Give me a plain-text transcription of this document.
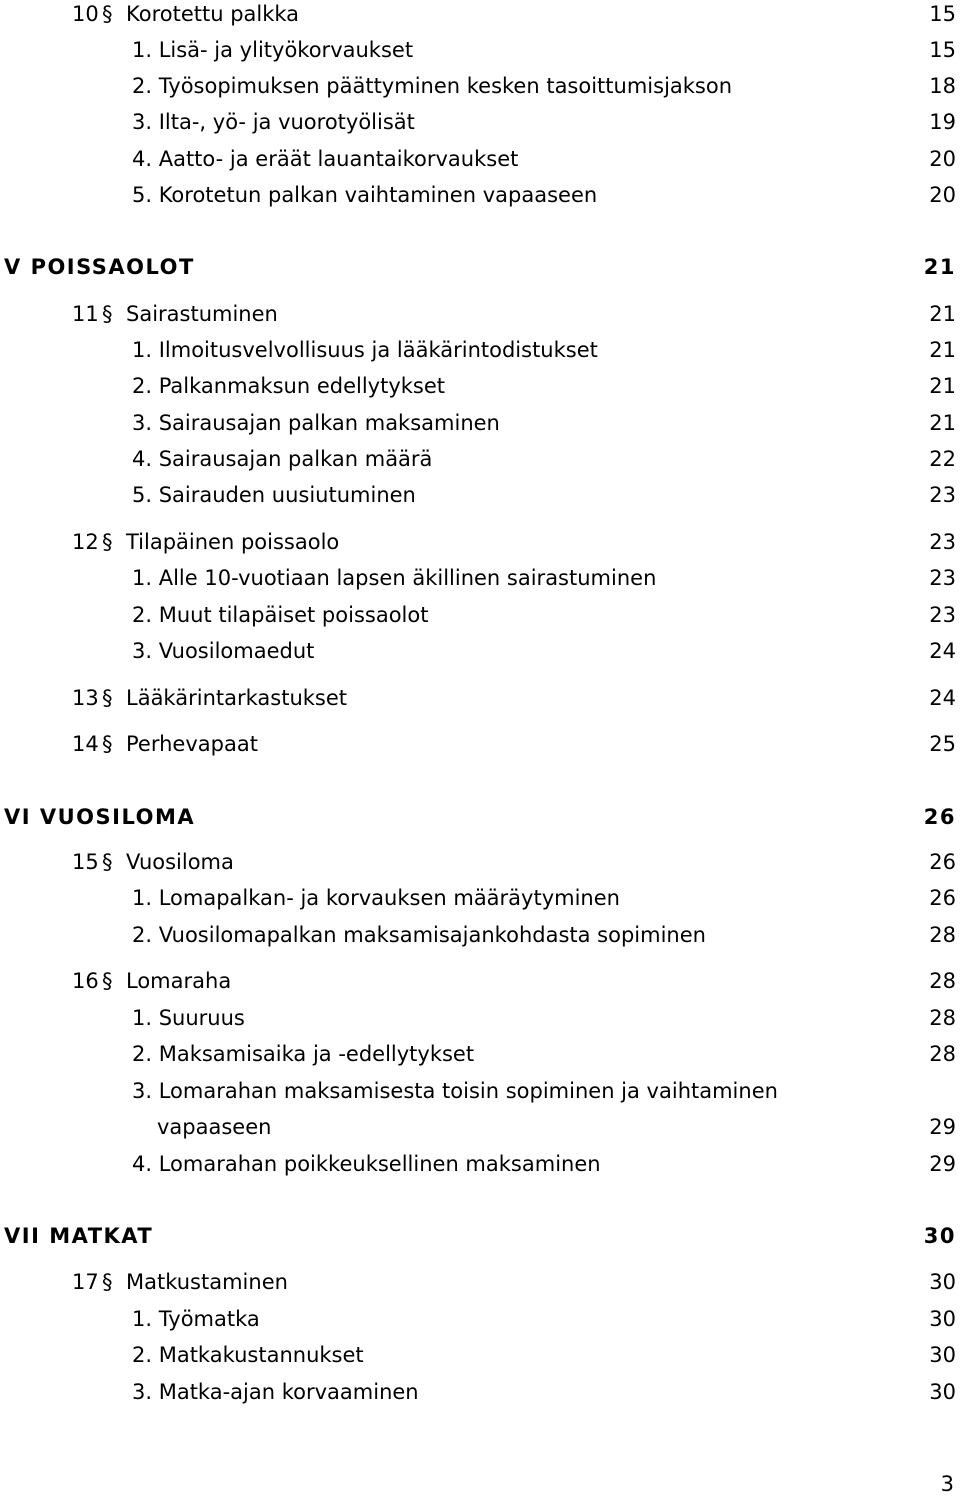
10 § Korotettu palkka	15
1. Lisä- ja ylityökorvaukset	15
2. Työsopimuksen päättyminen kesken tasoittumisjakson	18
3. Ilta-, yö- ja vuorotyölisät	19
4. Aatto- ja eräät lauantaikorvaukset	20
5. Korotetun palkan vaihtaminen vapaaseen	20
V POISSAOLOT	21
11 § Sairastuminen	21
1. Ilmoitusvelvollisuus ja lääkärintodistukset	21
2. Palkanmaksun edellytykset	21
3. Sairausajan palkan maksaminen	21
4. Sairausajan palkan määrä	22
5. Sairauden uusiutuminen	23
12 § Tilapäinen poissaolo	23
1. Alle 10-vuotiaan lapsen äkillinen sairastuminen	23
2. Muut tilapäiset poissaolot	23
3. Vuosilomaedut	24
13 § Lääkärintarkastukset	24
14 § Perhevapaat	25
VI VUOSILOMA	26
15 § Vuosiloma	26
1. Lomapalkan- ja korvauksen määräytyminen	26
2. Vuosilomapalkan maksamisajankohdasta sopiminen	28
16 § Lomaraha	28
1. Suuruus	28
2. Maksamisaika ja -edellytykset	28
3. Lomarahan maksamisesta toisin sopiminen ja vaihtaminen
vapaaseen	29
4. Lomarahan poikkeuksellinen maksaminen	29
VII MATKAT	30
17 § Matkustaminen	30
1. Työmatka	30
2. Matkakustannukset	30
3. Matka-ajan korvaaminen	30
3
